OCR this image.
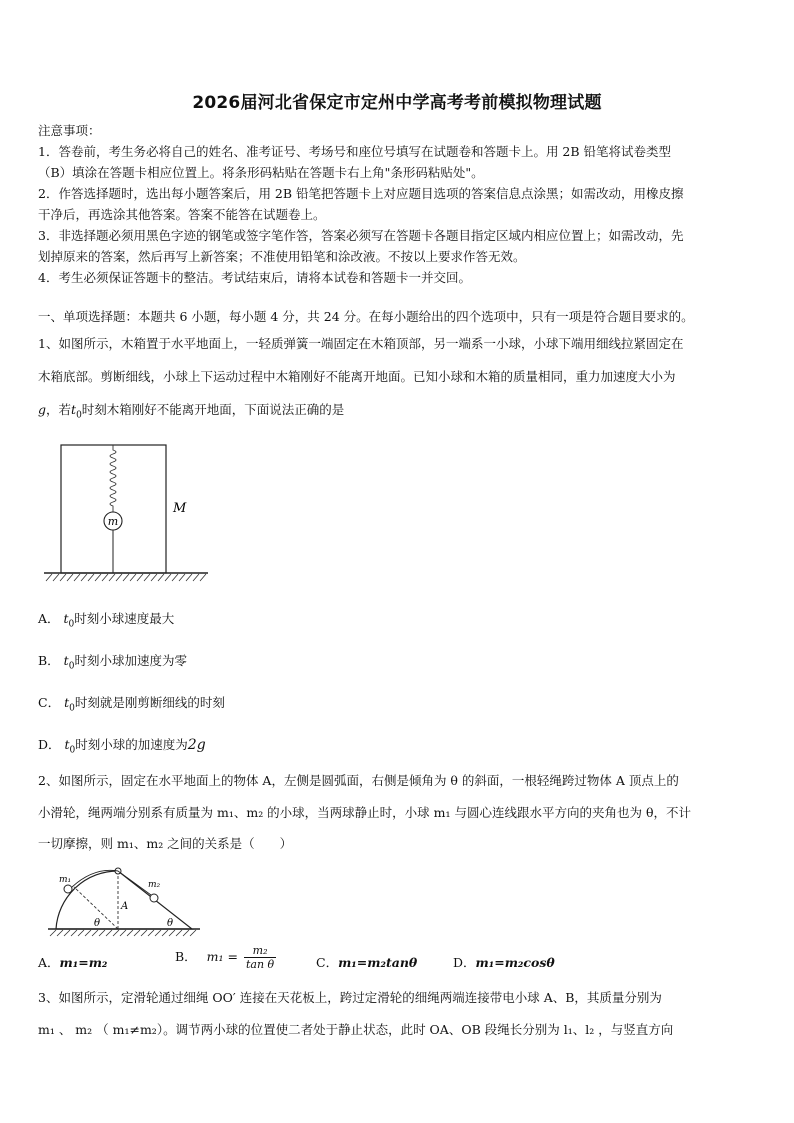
2026届河北省保定市定州中学高考考前模拟物理试题
注意事项：
1．答卷前，考生务必将自己的姓名、准考证号、考场号和座位号填写在试题卷和答题卡上。用 2B 铅笔将试卷类型
（B）填涂在答题卡相应位置上。将条形码粘贴在答题卡右上角"条形码粘贴处"。
2．作答选择题时，选出每小题答案后，用 2B 铅笔把答题卡上对应题目选项的答案信息点涂黑；如需改动，用橡皮擦
干净后，再选涂其他答案。答案不能答在试题卷上。
3．非选择题必须用黑色字迹的钢笔或签字笔作答，答案必须写在答题卡各题目指定区域内相应位置上；如需改动，先
划掉原来的答案，然后再写上新答案；不准使用铅笔和涂改液。不按以上要求作答无效。
4．考生必须保证答题卡的整洁。考试结束后，请将本试卷和答题卡一并交回。
一、单项选择题：本题共 6 小题，每小题 4 分，共 24 分。在每小题给出的四个选项中，只有一项是符合题目要求的。
1、如图所示，木箱置于水平地面上，一轻质弹簧一端固定在木箱顶部，另一端系一小球，小球下端用细线拉紧固定在
木箱底部。剪断细线，小球上下运动过程中木箱刚好不能离开地面。已知小球和木箱的质量相同，重力加速度大小为
g，若$t_0$时刻木箱刚好不能离开地面，下面说法正确的是
m
M
A． $t_0$时刻小球速度最大
B． $t_0$时刻小球加速度为零
C． $t_0$时刻就是刚剪断细线的时刻
D． $t_0$时刻小球的加速度为2g
2、如图所示，固定在水平地面上的物体 A，左侧是圆弧面，右侧是倾角为 θ 的斜面，一根轻绳跨过物体 A 顶点上的
小滑轮，绳两端分别系有质量为 m₁、m₂ 的小球，当两球静止时，小球 m₁ 与圆心连线跟水平方向的夹角也为 θ，不计
一切摩擦，则 m₁、m₂ 之间的关系是（　　）
m₁	m₂
A
θ	θ
A．m₁=m₂	B． $m_1 = \frac{\text{m₂}}{\text{tan θ}}$	C．m₁=m₂tanθ	D．m₁=m₂cosθ
3、如图所示，定滑轮通过细绳 OO′ 连接在天花板上，跨过定滑轮的细绳两端连接带电小球 A、B，其质量分别为
m₁ 、 m₂ （ m₁≠m₂）。调节两小球的位置使二者处于静止状态，此时 OA、OB 段绳长分别为 l₁、l₂ ，与竖直方向
